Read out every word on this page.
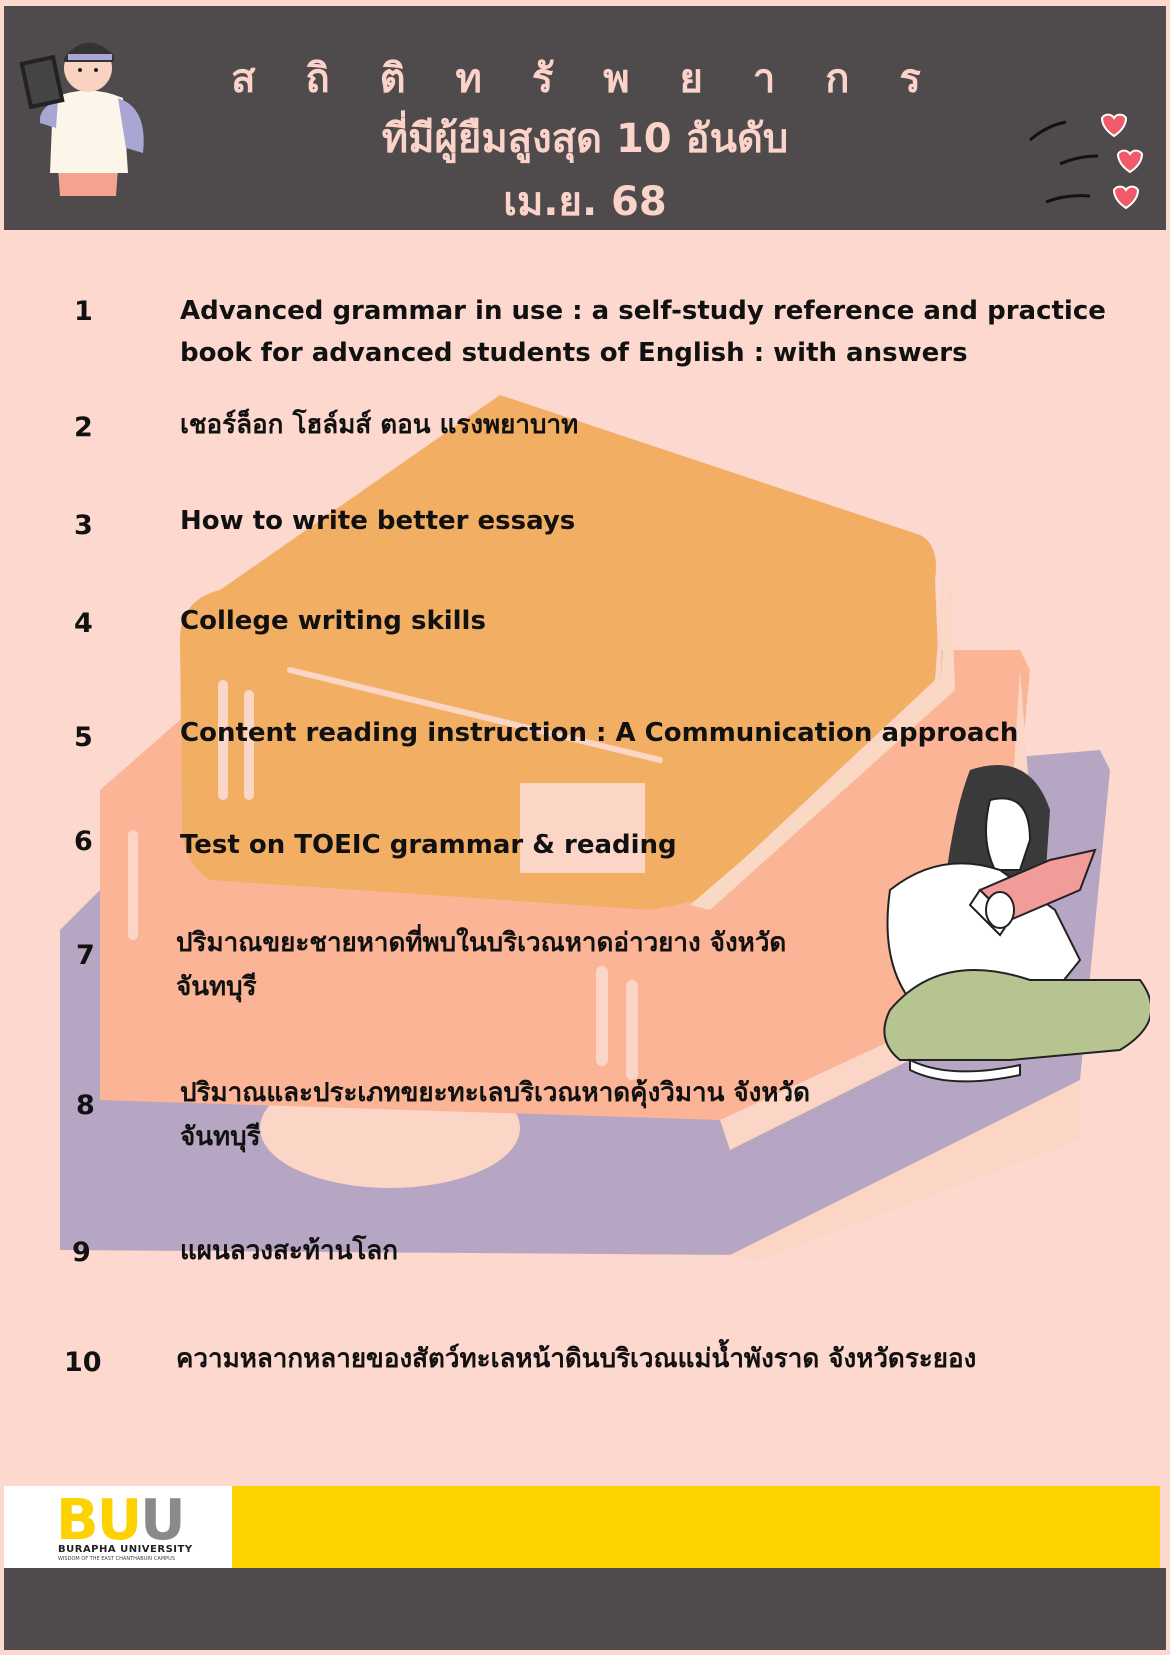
ส ถิ ติ ท รั พ ย า ก ร
ที่มีผู้ยืมสูงสุด 10 อันดับ
เม.ย. 68
1	Advanced grammar in use : a self-study reference and practice
book for advanced students of English : with answers
2	เชอร์ล็อก โฮล์มส์ ตอน แรงพยาบาท
3	How to write better essays
4	College writing skills
5	Content reading instruction : A Communication approach
6	Test on TOEIC grammar & reading
7	ปริมาณขยะชายหาดที่พบในบริเวณหาดอ่าวยาง จังหวัด
จันทบุรี
8	ปริมาณและประเภทขยะทะเลบริเวณหาดคุ้งวิมาน จังหวัด
จันทบุรี
9	แผนลวงสะท้านโลก
10	ความหลากหลายของสัตว์ทะเลหน้าดินบริเวณแม่น้ำพังราด จังหวัดระยอง
BUU
BURAPHA UNIVERSITY
WISDOM OF THE EAST CHANTHABURI CAMPUS
